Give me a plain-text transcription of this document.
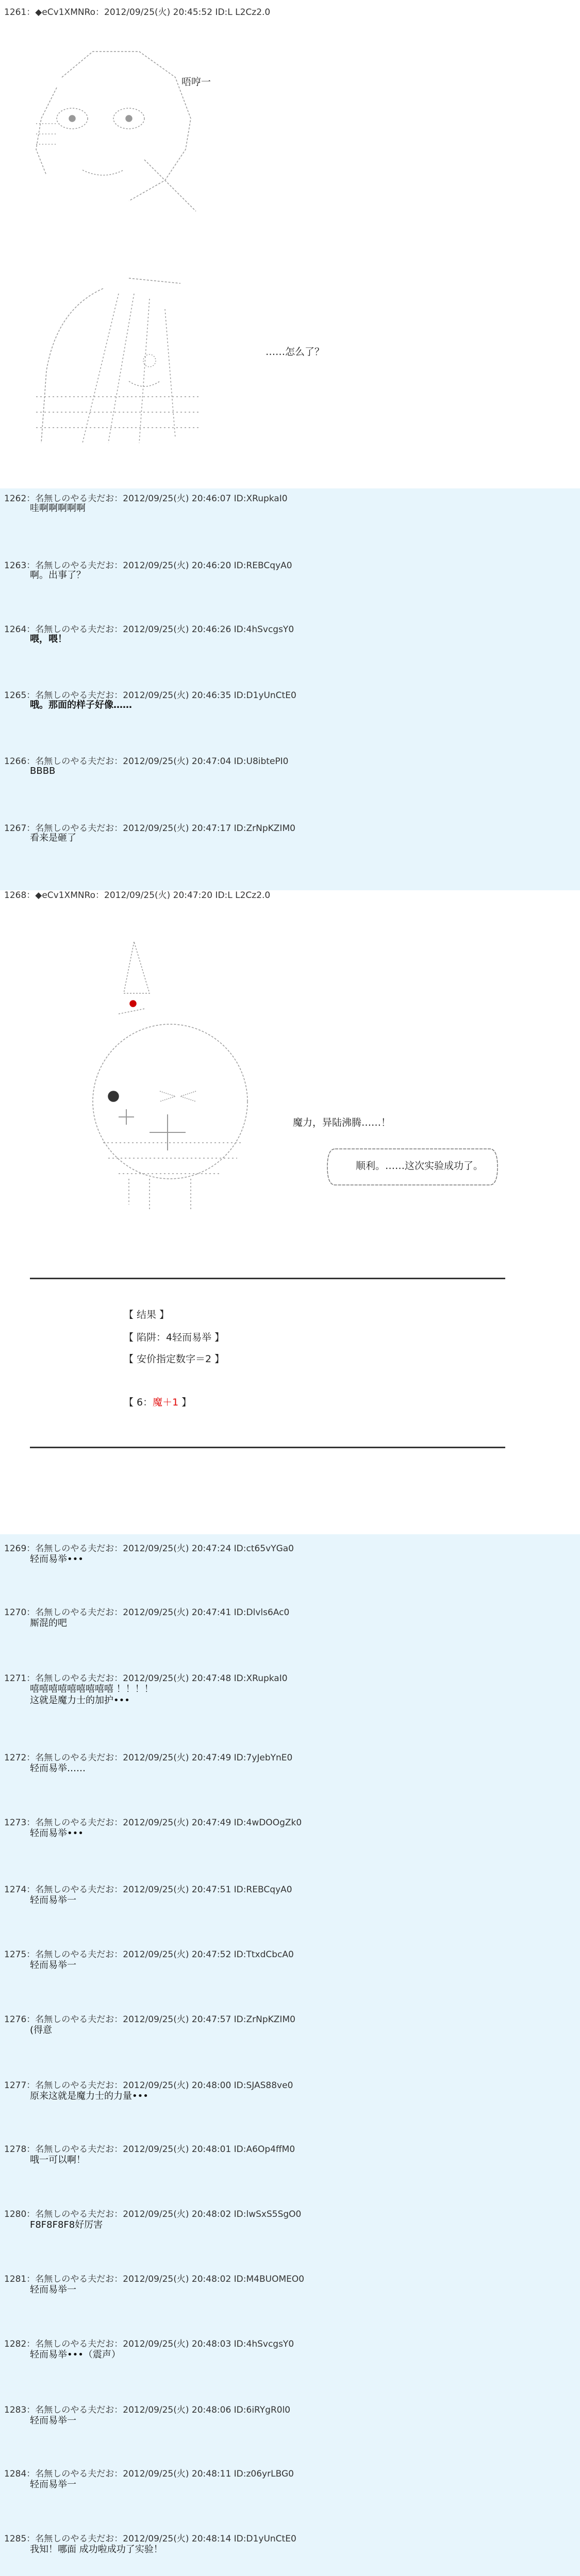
1261：◆eCv1XMNRo：2012/09/25(火) 20:45:52 ID:L L2Cz2.0
唔哼一
……怎么了？
1262：名無しのやる夫だお：2012/09/25(火) 20:46:07 ID:XRupkaI0
哇啊啊啊啊啊
1263：名無しのやる夫だお：2012/09/25(火) 20:46:20 ID:REBCqyA0
啊。出事了？
1264：名無しのやる夫だお：2012/09/25(火) 20:46:26 ID:4hSvcgsY0
喂，喂！
1265：名無しのやる夫だお：2012/09/25(火) 20:46:35 ID:D1yUnCtE0
哦。那面的样子好像……
1266：名無しのやる夫だお：2012/09/25(火) 20:47:04 ID:U8ibtePI0
BBBB
1267：名無しのやる夫だお：2012/09/25(火) 20:47:17 ID:ZrNpKZIM0
看来是砸了
1268：◆eCv1XMNRo：2012/09/25(火) 20:47:20 ID:L L2Cz2.0
魔力，异陆沸腾……！
顺利。……这次实验成功了。
【 结果 】
【 陷阱：4轻而易举 】
【 安价指定数字＝2 】
【 6：魔＋1 】
1269：名無しのやる夫だお：2012/09/25(火) 20:47:24 ID:ct65vYGa0
轻而易举•••
1270：名無しのやる夫だお：2012/09/25(火) 20:47:41 ID:Dlvls6Ac0
厮混的吧
1271：名無しのやる夫だお：2012/09/25(火) 20:47:48 ID:XRupkaI0
嘻嘻嘻嘻嘻嘻嘻嘻嘻 ！！！！
这就是魔力士的加护•••
1272：名無しのやる夫だお：2012/09/25(火) 20:47:49 ID:7yJebYnE0
轻而易举……
1273：名無しのやる夫だお：2012/09/25(火) 20:47:49 ID:4wDOOgZk0
轻而易举•••
1274：名無しのやる夫だお：2012/09/25(火) 20:47:51 ID:REBCqyA0
轻而易举一
1275：名無しのやる夫だお：2012/09/25(火) 20:47:52 ID:TtxdCbcA0
轻而易举一
1276：名無しのやる夫だお：2012/09/25(火) 20:47:57 ID:ZrNpKZIM0
(得意
1277：名無しのやる夫だお：2012/09/25(火) 20:48:00 ID:SJAS88ve0
原来这就是魔力士的力量•••
1278：名無しのやる夫だお：2012/09/25(火) 20:48:01 ID:A6Op4ffM0
哦一可以啊！
1280：名無しのやる夫だお：2012/09/25(火) 20:48:02 ID:lwSxS5SgO0
F8F8F8F8好厉害
1281：名無しのやる夫だお：2012/09/25(火) 20:48:02 ID:M4BUOMEO0
轻而易举一
1282：名無しのやる夫だお：2012/09/25(火) 20:48:03 ID:4hSvcgsY0
轻而易举•••（震声）
1283：名無しのやる夫だお：2012/09/25(火) 20:48:06 ID:6iRYgR0l0
轻而易举一
1284：名無しのやる夫だお：2012/09/25(火) 20:48:11 ID:z06yrLBG0
轻而易举一
1285：名無しのやる夫だお：2012/09/25(火) 20:48:14 ID:D1yUnCtE0
我知！哪面 成功啦成功了实验！
